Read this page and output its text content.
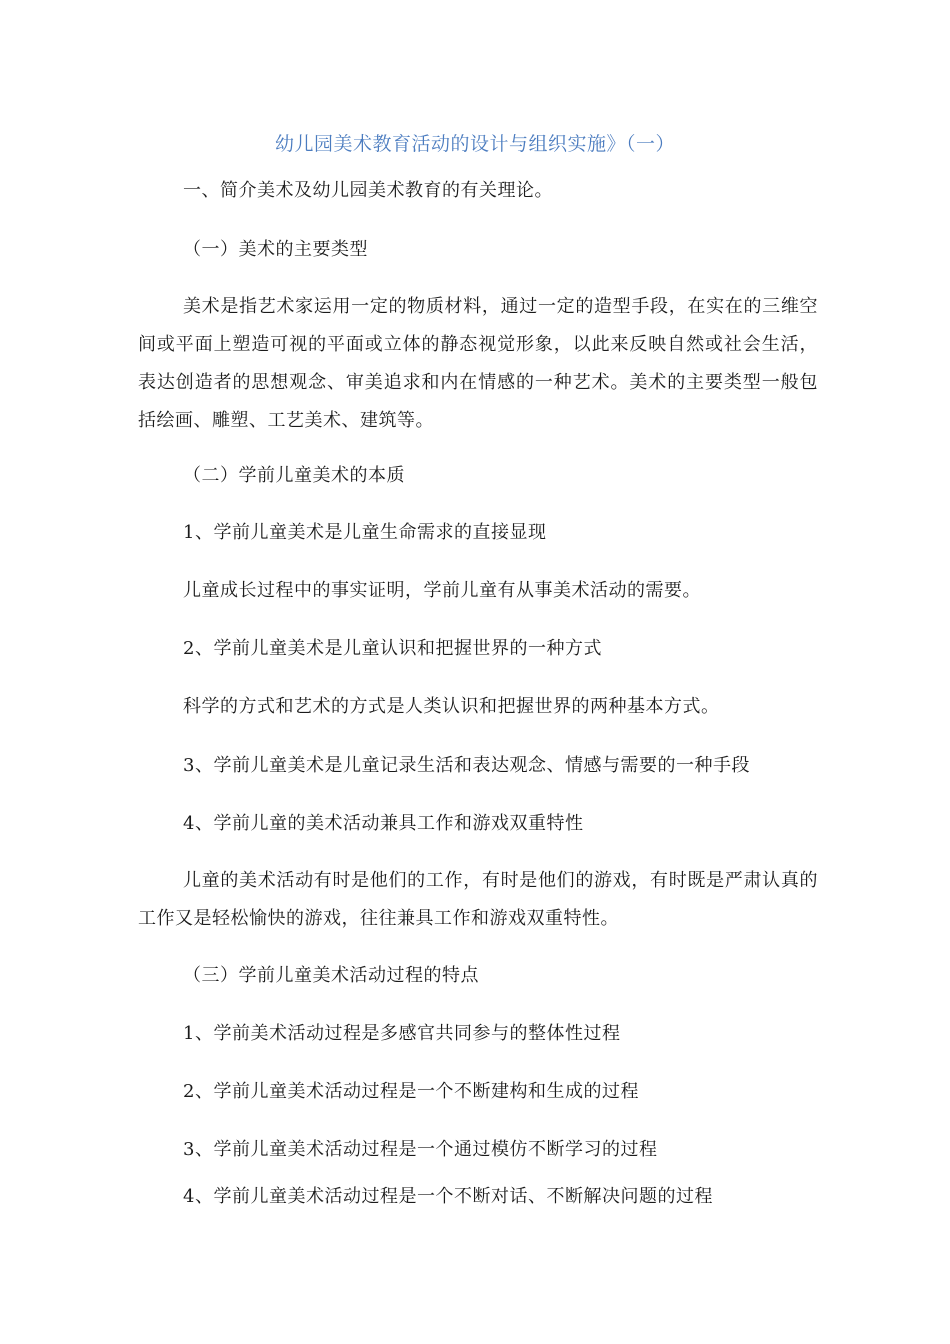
幼儿园美术教育活动的设计与组织实施》（一）
一、简介美术及幼儿园美术教育的有关理论。
（一）美术的主要类型
美术是指艺术家运用一定的物质材料，通过一定的造型手段，在实在的三维空间或平面上塑造可视的平面或立体的静态视觉形象，以此来反映自然或社会生活，表达创造者的思想观念、审美追求和内在情感的一种艺术。美术的主要类型一般包括绘画、雕塑、工艺美术、建筑等。
（二）学前儿童美术的本质
1、学前儿童美术是儿童生命需求的直接显现
儿童成长过程中的事实证明，学前儿童有从事美术活动的需要。
2、学前儿童美术是儿童认识和把握世界的一种方式
科学的方式和艺术的方式是人类认识和把握世界的两种基本方式。
3、学前儿童美术是儿童记录生活和表达观念、情感与需要的一种手段
4、学前儿童的美术活动兼具工作和游戏双重特性
儿童的美术活动有时是他们的工作，有时是他们的游戏，有时既是严肃认真的工作又是轻松愉快的游戏，往往兼具工作和游戏双重特性。
（三）学前儿童美术活动过程的特点
1、学前美术活动过程是多感官共同参与的整体性过程
2、学前儿童美术活动过程是一个不断建构和生成的过程
3、学前儿童美术活动过程是一个通过模仿不断学习的过程
4、学前儿童美术活动过程是一个不断对话、不断解决问题的过程
